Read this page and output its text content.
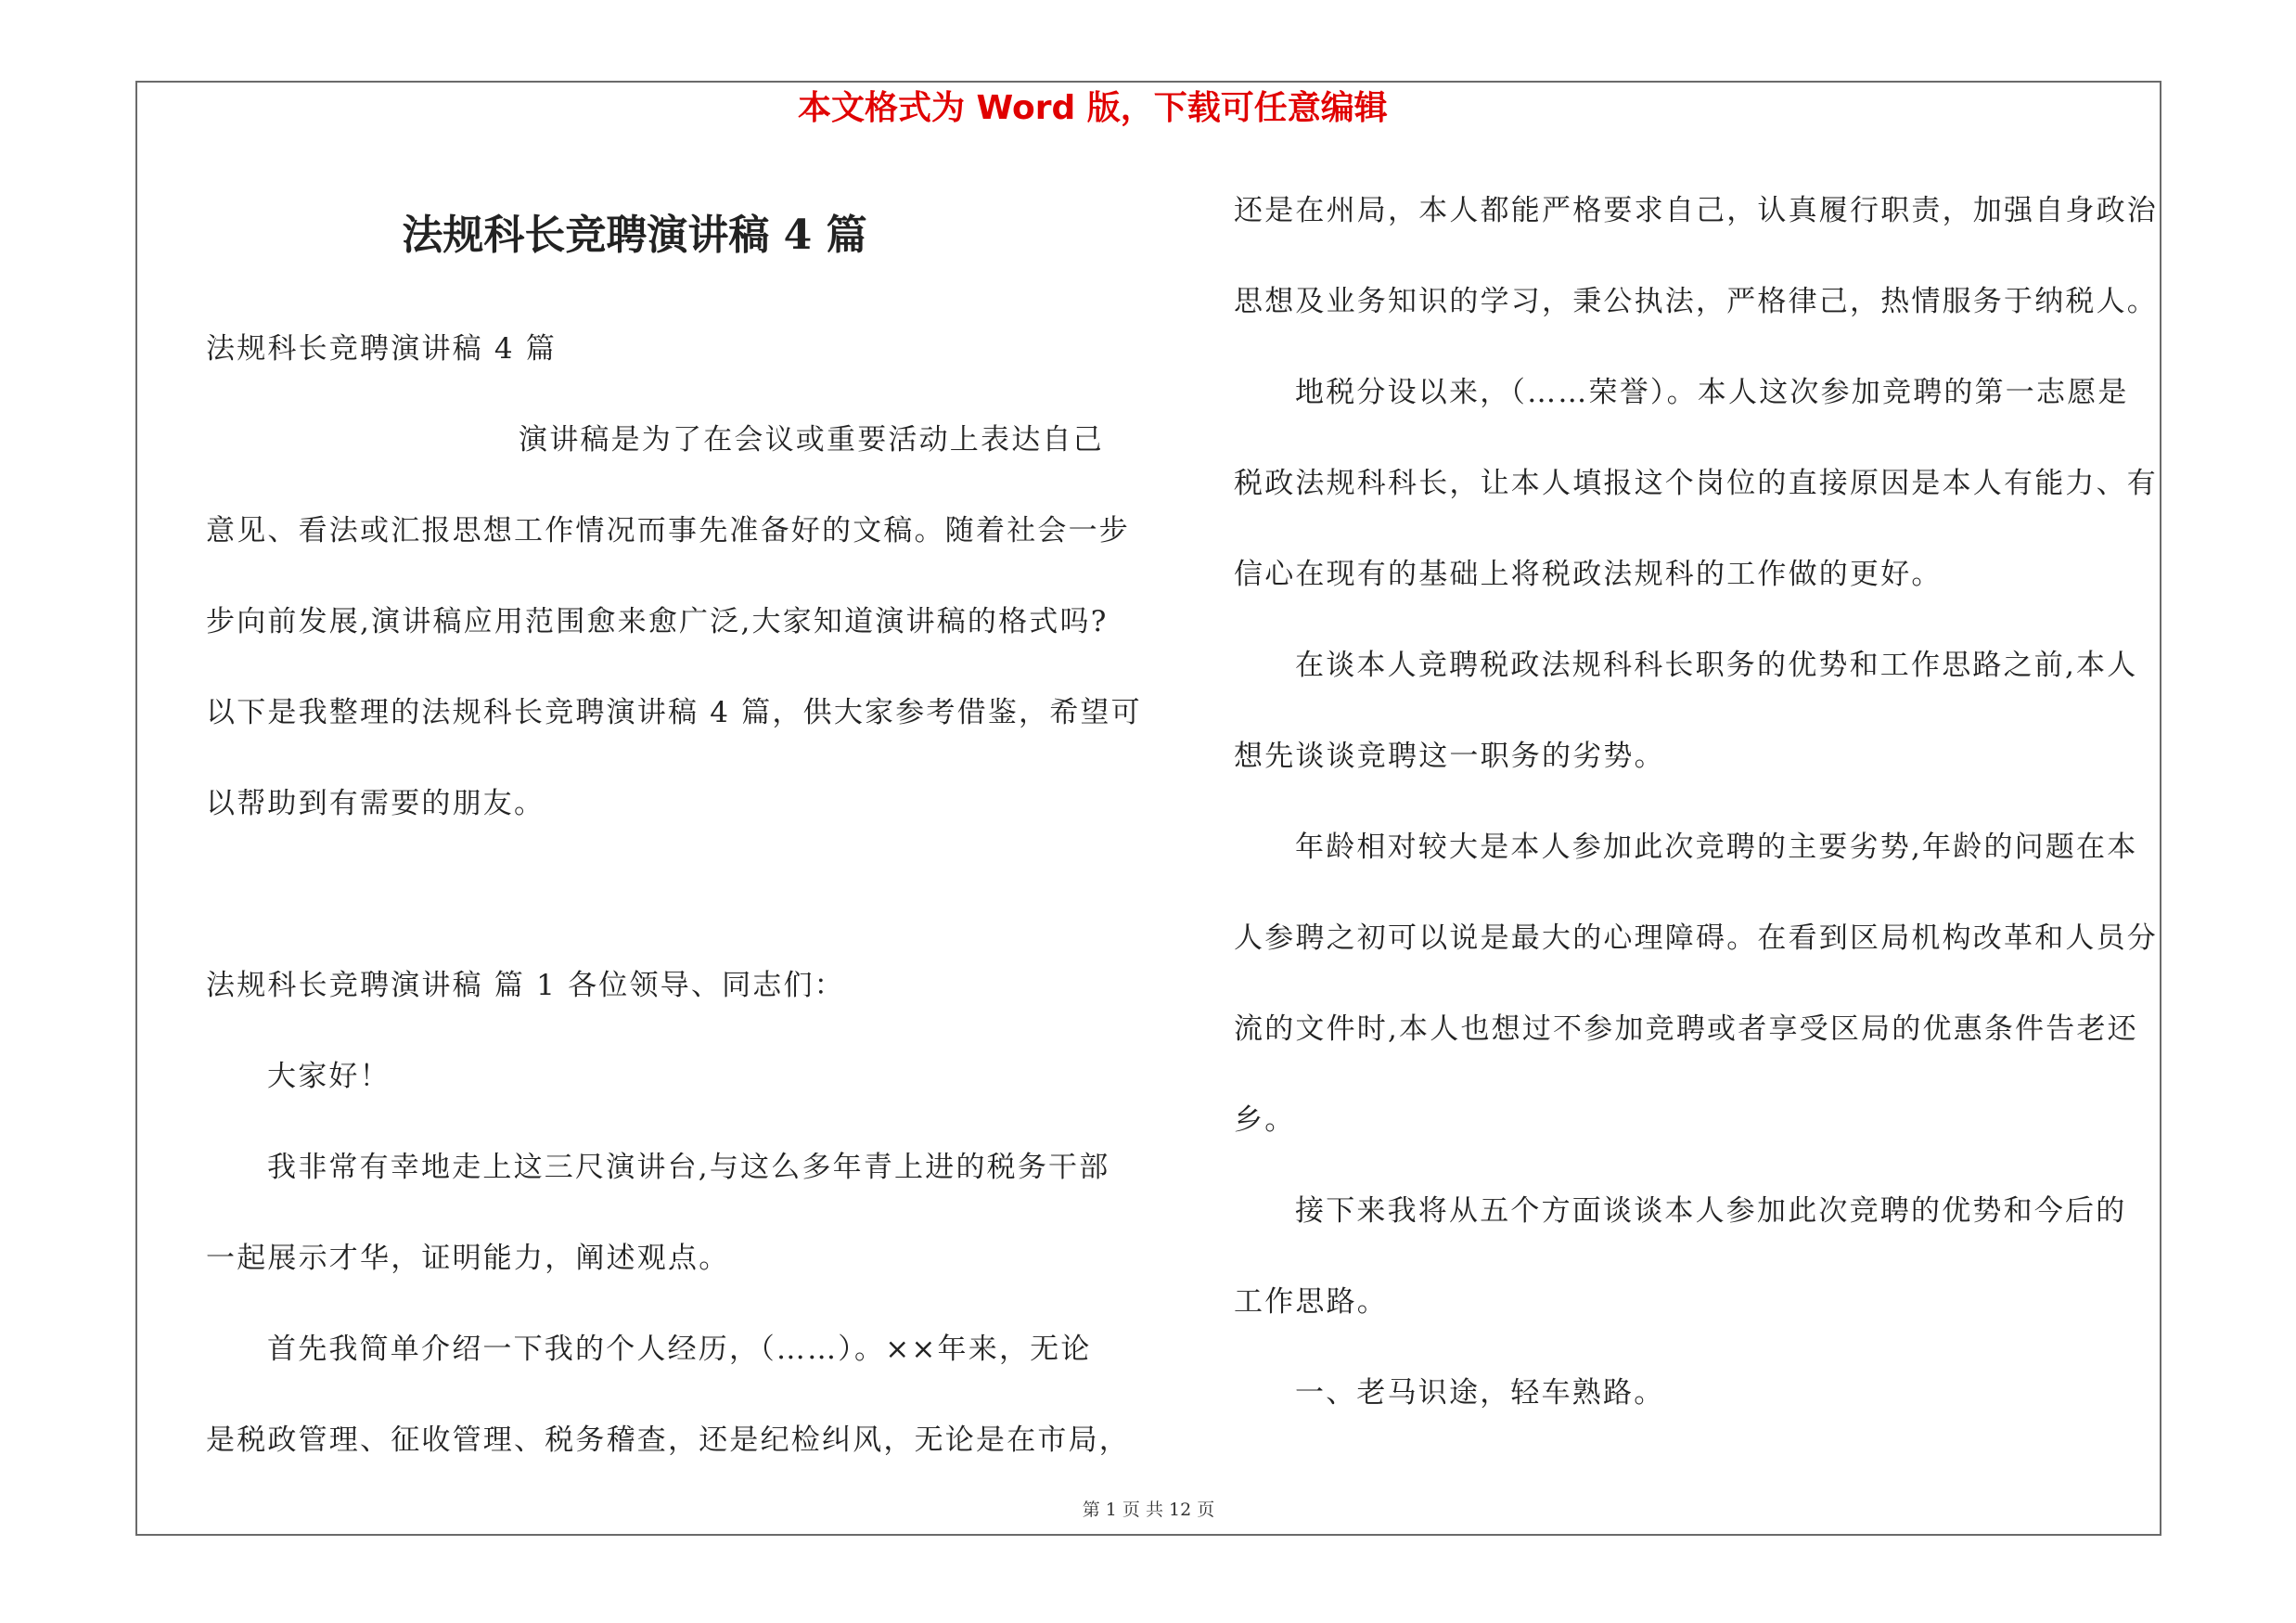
本文格式为 Word 版，下载可任意编辑
法规科长竞聘演讲稿 4 篇
法规科长竞聘演讲稿 4 篇
演讲稿是为了在会议或重要活动上表达自己
意见、看法或汇报思想工作情况而事先准备好的文稿。随着社会一步
步向前发展,演讲稿应用范围愈来愈广泛,大家知道演讲稿的格式吗?
以下是我整理的法规科长竞聘演讲稿 4 篇，供大家参考借鉴，希望可
以帮助到有需要的朋友。
法规科长竞聘演讲稿 篇 1 各位领导、同志们：
大家好！
我非常有幸地走上这三尺演讲台,与这么多年青上进的税务干部
一起展示才华，证明能力，阐述观点。
首先我简单介绍一下我的个人经历，（……）。××年来，无论
是税政管理、征收管理、税务稽查，还是纪检纠风，无论是在市局，
还是在州局，本人都能严格要求自己，认真履行职责，加强自身政治
思想及业务知识的学习，秉公执法，严格律己，热情服务于纳税人。
地税分设以来，（……荣誉）。本人这次参加竞聘的第一志愿是
税政法规科科长，让本人填报这个岗位的直接原因是本人有能力、有
信心在现有的基础上将税政法规科的工作做的更好。
在谈本人竞聘税政法规科科长职务的优势和工作思路之前,本人
想先谈谈竞聘这一职务的劣势。
年龄相对较大是本人参加此次竞聘的主要劣势,年龄的问题在本
人参聘之初可以说是最大的心理障碍。在看到区局机构改革和人员分
流的文件时,本人也想过不参加竞聘或者享受区局的优惠条件告老还
乡。
接下来我将从五个方面谈谈本人参加此次竞聘的优势和今后的
工作思路。
一、老马识途，轻车熟路。
第 1 页 共 12 页
